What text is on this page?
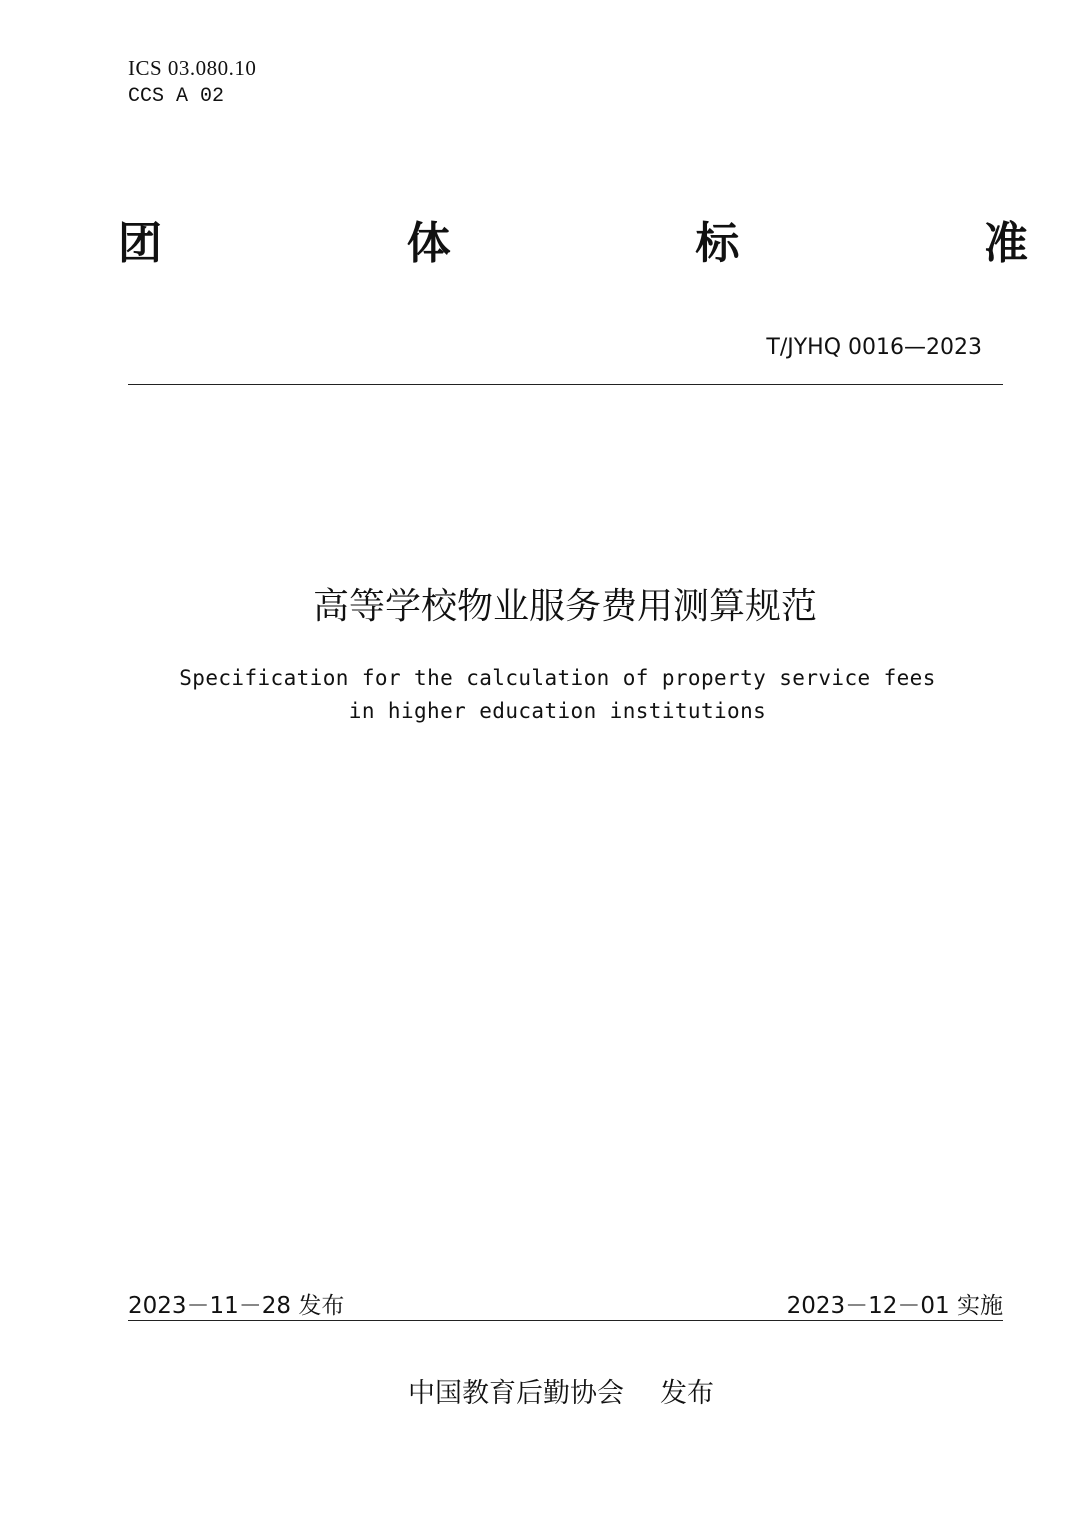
ICS 03.080.10
CCS A 02
团	体	标	准
T/JYHQ 0016—2023
高等学校物业服务费用测算规范
Specification for the calculation of property service fees
in higher education institutions
2023－11－28 发布	2023－12－01 实施
中国教育后勤协会 发布
